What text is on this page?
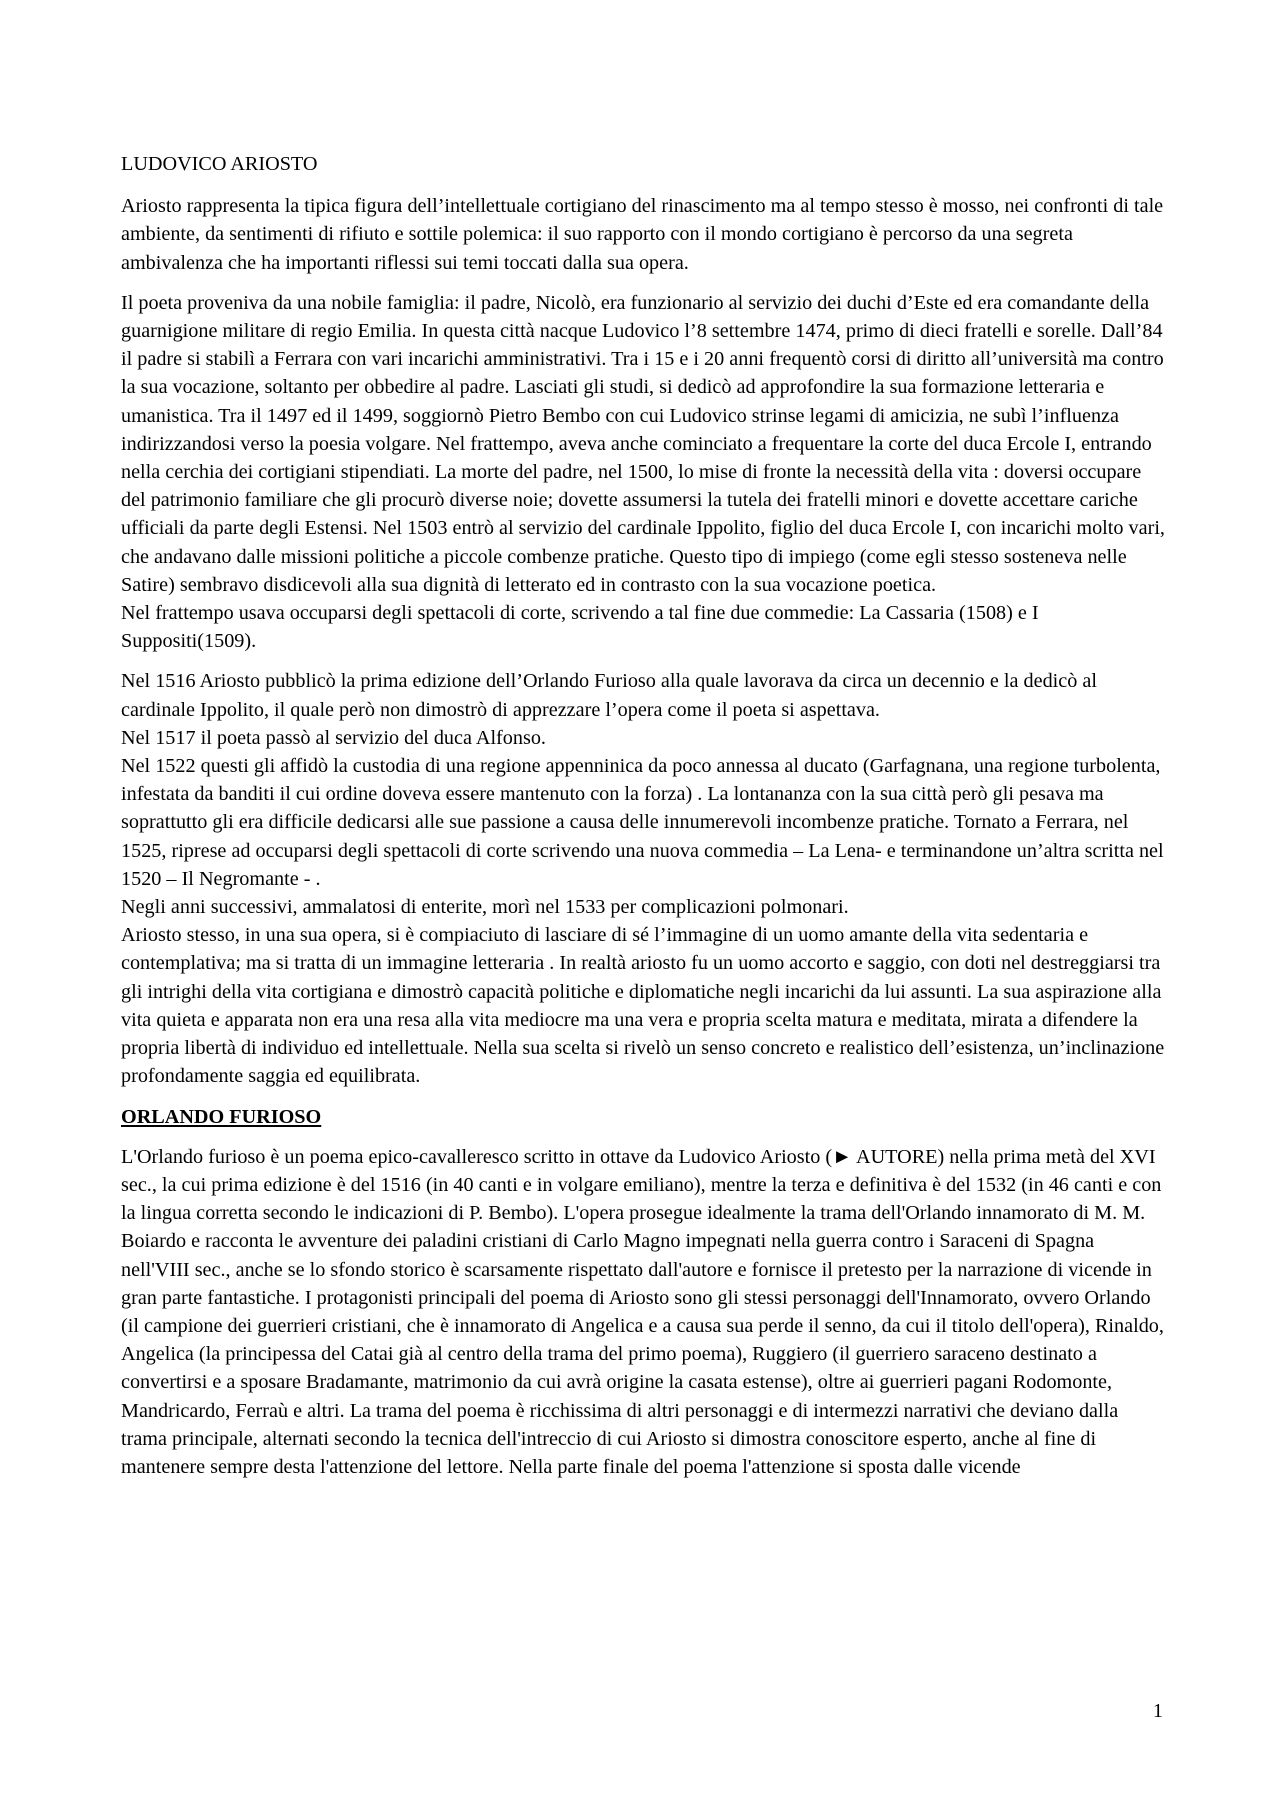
LUDOVICO ARIOSTO

Ariosto rappresenta la tipica figura dell’intellettuale cortigiano del rinascimento ma al tempo stesso è mosso, nei confronti di tale ambiente, da sentimenti di rifiuto e sottile polemica: il suo rapporto con il mondo cortigiano è percorso da una segreta ambivalenza che ha importanti riflessi sui temi toccati dalla sua opera.

Il poeta proveniva da una nobile famiglia: il padre, Nicolò, era funzionario al servizio dei duchi d’Este ed era comandante della guarnigione militare di regio Emilia. In questa città nacque Ludovico l’8 settembre 1474, primo di dieci fratelli e sorelle. Dall’84 il padre si stabilì a Ferrara con vari incarichi amministrativi. Tra i 15 e i 20 anni frequentò corsi di diritto all’università ma contro la sua vocazione, soltanto per obbedire al padre. Lasciati gli studi, si dedicò ad approfondire la sua formazione letteraria e umanistica. Tra il 1497 ed il 1499, soggiornò Pietro Bembo con cui Ludovico strinse legami di amicizia, ne subì l’influenza indirizzandosi verso la poesia volgare. Nel frattempo, aveva anche cominciato a frequentare la corte del duca Ercole I, entrando nella cerchia dei cortigiani stipendiati. La morte del padre, nel 1500, lo mise di fronte la necessità della vita : doversi occupare del patrimonio familiare che gli procurò diverse noie; dovette assumersi la tutela dei fratelli minori e dovette accettare cariche ufficiali da parte degli Estensi. Nel 1503 entrò al servizio del cardinale Ippolito, figlio del duca Ercole I, con incarichi molto vari, che andavano dalle missioni politiche a piccole combenze pratiche. Questo tipo di impiego (come egli stesso sosteneva nelle Satire) sembravo disdicevoli alla sua dignità di letterato ed in contrasto con la sua vocazione poetica.

Nel frattempo usava occuparsi degli spettacoli di corte, scrivendo a tal fine due commedie: La Cassaria (1508) e I Suppositi(1509).

Nel 1516 Ariosto pubblicò la prima edizione dell’Orlando Furioso alla quale lavorava da circa un decennio e la dedicò al cardinale Ippolito, il quale però non dimostrò di apprezzare l’opera come il poeta si aspettava.

Nel 1517 il poeta passò al servizio del duca Alfonso.

Nel 1522 questi gli affidò la custodia di una regione appenninica da poco annessa al ducato (Garfagnana, una regione turbolenta, infestata da banditi il cui ordine doveva essere mantenuto con la forza) . La lontananza con la sua città però gli pesava ma soprattutto gli era difficile dedicarsi alle sue passione a causa delle innumerevoli incombenze pratiche. Tornato a Ferrara, nel 1525, riprese ad occuparsi degli spettacoli di corte scrivendo una nuova commedia – La Lena- e terminandone un’altra scritta nel 1520 – Il Negromante - .

Negli anni successivi, ammalatosi di enterite, morì nel 1533 per complicazioni polmonari.

Ariosto stesso, in una sua opera, si è compiaciuto di lasciare di sé l’immagine di un uomo amante della vita sedentaria e contemplativa; ma si tratta di un immagine letteraria . In realtà ariosto fu un uomo accorto e saggio, con doti nel destreggiarsi tra gli intrighi della vita cortigiana e dimostrò capacità politiche e diplomatiche negli incarichi da lui assunti. La sua aspirazione alla vita quieta e apparata non era una resa alla vita mediocre ma una vera e propria scelta matura e meditata, mirata a difendere la propria libertà di individuo ed intellettuale. Nella sua scelta si rivelò un senso concreto e realistico dell’esistenza, un’inclinazione profondamente saggia ed equilibrata.

ORLANDO FURIOSO

L'Orlando furioso è un poema epico-cavalleresco scritto in ottave da Ludovico Ariosto (► AUTORE) nella prima metà del XVI sec., la cui prima edizione è del 1516 (in 40 canti e in volgare emiliano), mentre la terza e definitiva è del 1532 (in 46 canti e con la lingua corretta secondo le indicazioni di P. Bembo). L'opera prosegue idealmente la trama dell'Orlando innamorato di M. M. Boiardo e racconta le avventure dei paladini cristiani di Carlo Magno impegnati nella guerra contro i Saraceni di Spagna nell'VIII sec., anche se lo sfondo storico è scarsamente rispettato dall'autore e fornisce il pretesto per la narrazione di vicende in gran parte fantastiche. I protagonisti principali del poema di Ariosto sono gli stessi personaggi dell'Innamorato, ovvero Orlando (il campione dei guerrieri cristiani, che è innamorato di Angelica e a causa sua perde il senno, da cui il titolo dell'opera), Rinaldo, Angelica (la principessa del Catai già al centro della trama del primo poema), Ruggiero (il guerriero saraceno destinato a convertirsi e a sposare Bradamante, matrimonio da cui avrà origine la casata estense), oltre ai guerrieri pagani Rodomonte, Mandricardo, Ferraù e altri. La trama del poema è ricchissima di altri personaggi e di intermezzi narrativi che deviano dalla trama principale, alternati secondo la tecnica dell'intreccio di cui Ariosto si dimostra conoscitore esperto, anche al fine di mantenere sempre desta l'attenzione del lettore. Nella parte finale del poema l'attenzione si sposta dalle vicende

1
